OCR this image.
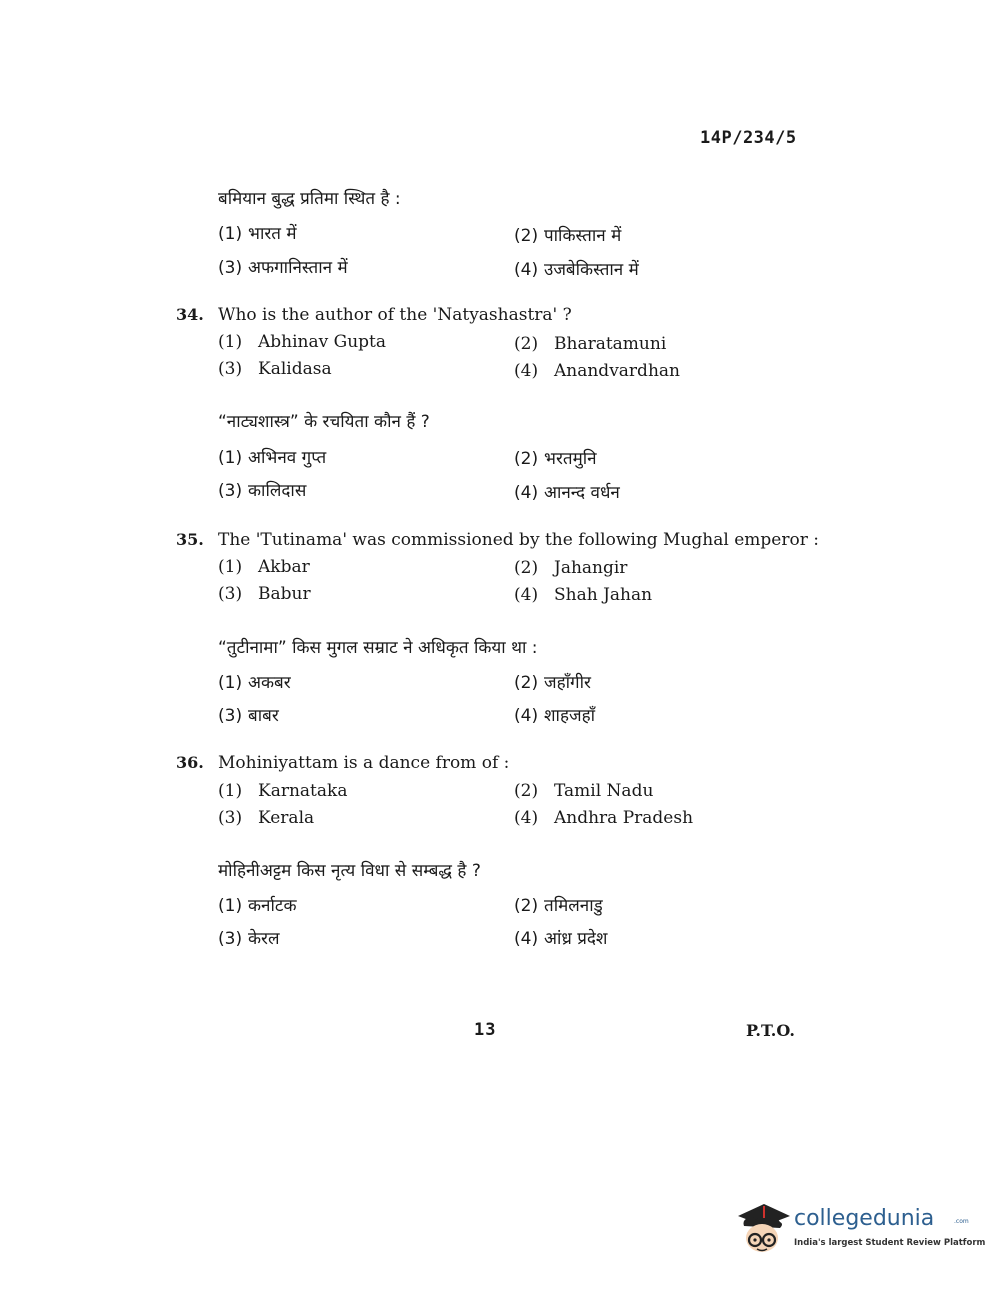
14P/234/5
बमियान बुद्ध प्रतिमा स्थित है :
(1) भारत में	(2) पाकिस्तान में
(3) अफगानिस्तान में	(4) उजबेकिस्तान में
34. Who is the author of the 'Natyashastra' ?
(1) Abhinav Gupta	(2) Bharatamuni
(3) Kalidasa	(4) Anandvardhan
“नाट्यशास्त्र” के रचयिता कौन हैं ?
(1) अभिनव गुप्त	(2) भरतमुनि
(3) कालिदास	(4) आनन्द वर्धन
35. The 'Tutinama' was commissioned by the following Mughal emperor :
(1) Akbar	(2) Jahangir
(3) Babur	(4) Shah Jahan
“तुटीनामा” किस मुगल सम्राट ने अधिकृत किया था :
(1) अकबर	(2) जहाँगीर
(3) बाबर	(4) शाहजहाँ
36. Mohiniyattam is a dance from of :
(1) Karnataka	(2) Tamil Nadu
(3) Kerala	(4) Andhra Pradesh
मोहिनीअट्टम किस नृत्य विधा से सम्बद्ध है ?
(1) कर्नाटक	(2) तमिलनाडु
(3) केरल	(4) आंध्र प्रदेश
13	P.T.O.
collegedunia	.com
India's largest Student Review Platform
